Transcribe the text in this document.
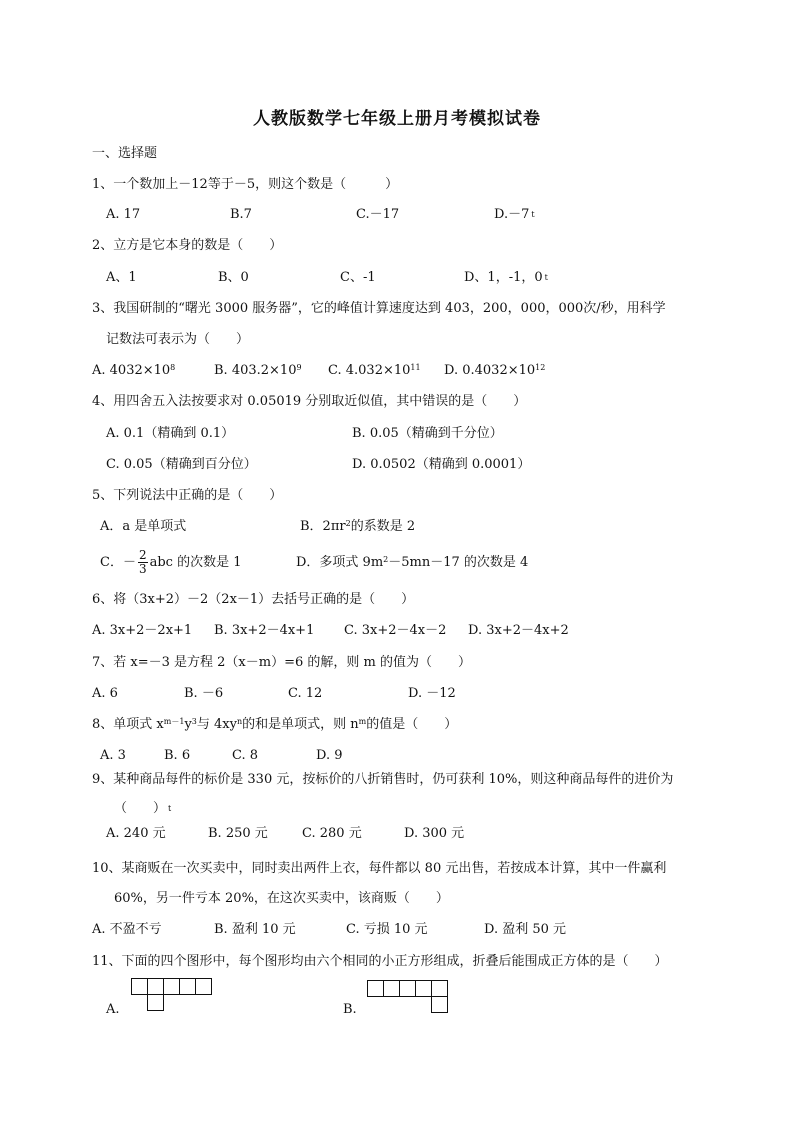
人教版数学七年级上册月考模拟试卷
一、选择题
1、一个数加上－12等于－5，则这个数是（　　　）
A. 17	B.7	C.－17	D.－7 t
2、立方是它本身的数是（　　）
A、1	B、0	C、-1	D、1，-1，0 t
3、我国研制的“曙光 3000 服务器”，它的峰值计算速度达到 403，200，000，000次/秒，用科学
记数法可表示为（　　）
A. $4032\times 10^8$	B. $403.2\times 10^9$ C. $4.032\times 10^{11}$ D. $0.4032\times 10^{12}$
4、用四舍五入法按要求对 0.05019 分别取近似值，其中错误的是（　　）
A. 0.1（精确到 0.1）	B. 0.05（精确到千分位）
C. 0.05（精确到百分位）	D. 0.0502（精确到 0.0001）
5、下列说法中正确的是（　　）
A．a 是单项式	B．$2\pi r^2$的系数是 2
C．－ $\frac{2}{3}$ abc 的次数是 1	D．多项式 $9m^2-5mn-17$ 的次数是 4
6、将（3x+2）－2（2x－1）去括号正确的是（　　）
A. 3x+2－2x+1 B. 3x+2－4x+1 C. 3x+2－4x－2 D. 3x+2－4x+2
7、若 x=－3 是方程 2（x－m）=6 的解，则 m 的值为（　　）
A. 6	B. －6	C. 12	D. －12
8、单项式 $x^{m-1}y^3$与 $4xy^n$的和是单项式，则 $n^m$的值是（　　）
A. 3	B. 6	C. 8	D. 9
9、某种商品每件的标价是 330 元，按标价的八折销售时，仍可获利 10%，则这种商品每件的进价为
（　　） t
A. 240 元	B. 250 元	C. 280 元	D. 300 元
10、某商贩在一次买卖中，同时卖出两件上衣，每件都以 80 元出售，若按成本计算，其中一件赢利
60%，另一件亏本 20%，在这次买卖中，该商贩（　　）
A. 不盈不亏	B. 盈利 10 元	C. 亏损 10 元	D. 盈利 50 元
11、下面的四个图形中，每个图形均由六个相同的小正方形组成，折叠后能围成正方体的是（　　）
A.	B.
